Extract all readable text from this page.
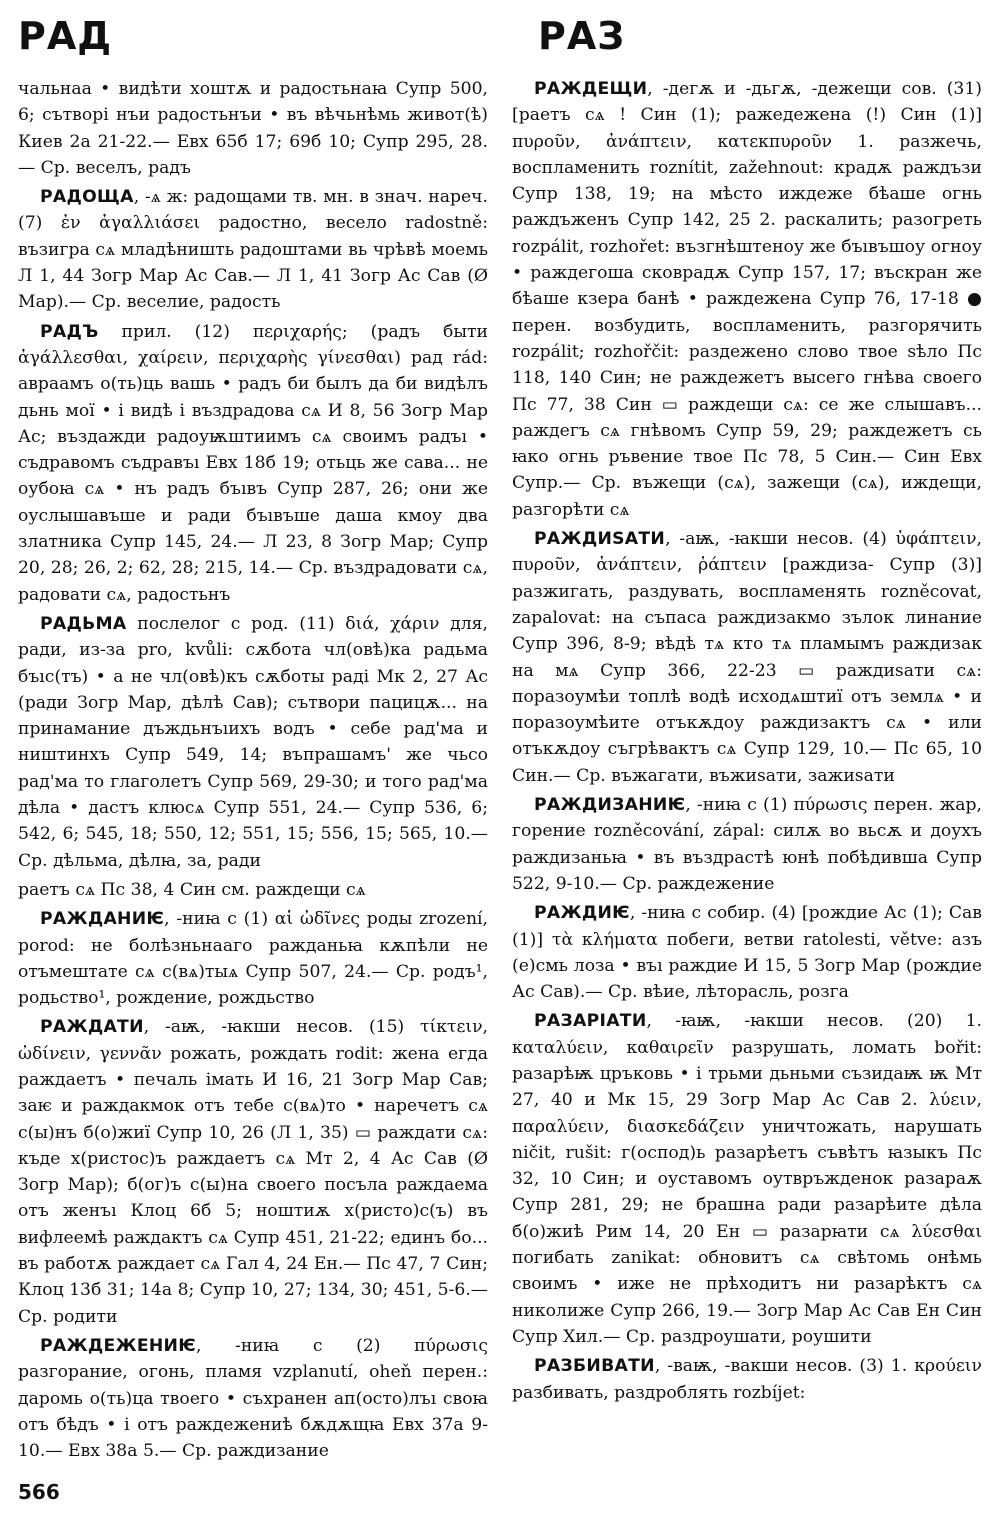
РАД	РАЗ

чальнаа • видѣти хоштѫ и радостьнаꙗ Супр 500, 6; сътворі нъи радостьнъи • въ вѣчьнѣмь живот(ѣ) Киев 2а 21-22.— Евх 65б 17; 69б 10; Супр 295, 28.— Ср. веселъ, радъ

РАДОЩА, -ѧ ж: радощами тв. мн. в знач. нареч. (7) ἐν ἀγαλλιάσει радостно, весело radostně: възигра сѧ младѣништь радоштами вь чрѣвѣ моемь Л 1, 44 Зогр Мар Ас Сав.— Л 1, 41 Зогр Ас Сав (Ø Мар).— Ср. веселие, радость

РАДЪ прил. (12) περιχαρής; (радъ быти ἀγάλλεσθαι, χαίρειν, περιχαρὴς γίνεσθαι) рад rád: авраамъ о(ть)ць вашь • радъ би былъ да би видѣлъ дьнь мої • і видѣ і въздрадова сѧ И 8, 56 Зогр Мар Ас; въздажди радоуѭштиимъ сѧ своимъ радъı • съдравомъ съдравъı Евх 18б 19; отьць же сава... не оубоꙗ сѧ • нъ радъ бъıвъ Супр 287, 26; они же оуслышавъше и ради бъıвъше даша кмоу два златника Супр 145, 24.— Л 23, 8 Зогр Мар; Супр 20, 28; 26, 2; 62, 28; 215, 14.— Ср. въздрадовати сѧ, радовати сѧ, радостьнъ

РАДЬМА послелог с род. (11) διά, χάριν для, ради, из-за pro, kvůli: сѫбота чл(овѣ)ка радьма бъıс(тъ) • а не чл(овѣ)къ сѫботы радi Мк 2, 27 Ас (ради Зогр Мар, дѣлѣ Сав); сътвори пацицѫ... на принаманиe дъждьнъıихъ водъ • себе рад'ма и ништинхъ Супр 549, 14; въпрашамъ' же чьсо рад'ма то глаголетъ Супр 569, 29-30; и того рад'ма дѣла • дастъ клюсѧ Супр 551, 24.— Супр 536, 6; 542, 6; 545, 18; 550, 12; 551, 15; 556, 15; 565, 10.— Ср. дѣльма, дѣлꙗ, за, ради

раетъ сѧ Пс 38, 4 Син см. раждещи сѧ

РАЖДАНИѤ, -ниꙗ с (1) αἱ ὠδῖνες роды zrození, porod: не болѣзньнааго ражданьꙗ кѫпѣли не отъмештате сѧ с(вѧ)тыѧ Супр 507, 24.— Ср. родъ¹, родьство¹, рождениe, рождьство

РАЖДАТИ, -аѭ, -ꙗкши несов. (15) τίκτειν, ὠδίνειν, γεννᾶν рожать, рождать rodit: жена егда раждаетъ • печаль імать И 16, 21 Зогр Мар Сав; заѥ и раждакмок отъ тебе с(вѧ)то • наречетъ сѧ с(ы)нъ б(о)жиї Супр 10, 26 (Л 1, 35) ▭ раждати сѧ: къде х(ристос)ъ раждаетъ сѧ Мт 2, 4 Ас Сав (Ø Зогр Мар); б(ог)ъ с(ы)на своего посъла раждаема отъ женъı Клоц 6б 5; ноштиѫ х(ристо)с(ъ) въ вифлеемѣ раждактъ сѧ Супр 451, 21-22; единъ бо... въ работѫ раждает сѧ Гал 4, 24 Ен.— Пс 47, 7 Син; Клоц 13б 31; 14а 8; Супр 10, 27; 134, 30; 451, 5-6.— Ср. родити

РАЖДЕЖЕНИѤ, -ниꙗ с (2) πύρωσις разгорание, огонь, пламя vzplanutí, oheň перен.: даромь о(ть)ца твоего • съхранен ап(осто)лъı своꙗ отъ бѣдъ • і отъ раждежениѣ бѫдѫщꙗ Евх 37а 9-10.— Евх 38а 5.— Ср. раждизаниe

РАЖДЕЩИ, -дегѫ и -дьгѫ, -дежещи сов. (31) [раетъ сѧ ! Син (1); ражедежена (!) Син (1)] πυροῦν, ἀνάπτειν, κατεκπυροῦν 1. разжечь, воспламенить roznítit, zažehnout: крадѫ раждъзи Супр 138, 19; на мѣсто иждеже бѣаше огнь раждъженъ Супр 142, 25 2. раскалить; разогреть rozpálit, rozhořet: възгнѣштеноу же бъıвъшоу огноу • раждегоша сковрадѫ Супр 157, 17; въскран же бѣаше кзера банѣ • раждежена Супр 76, 17-18 ● перен. возбудить, воспламенить, разгорячить rozpálit; rozhořčit: раздежено слово твое ѕѣло Пс 118, 140 Син; не раждежетъ высего гнѣва своего Пс 77, 38 Син ▭ раждещи сѧ: се же слышавъ... раждегъ сѧ гнѣвомъ Супр 59, 29; раждежетъ сь ꙗко огнь ръвение твое Пс 78, 5 Син.— Син Евх Супр.— Ср. въжещи (сѧ), зажещи (сѧ), иждещи, разгорѣти сѧ

РАЖДИЅАТИ, -аѭ, -ꙗкши несов. (4) ὑφάπτειν, πυροῦν, ἀνάπτειν, ῥάπτειν [раждиза- Супр (3)] разжигать, раздувать, воспламенять rozněcovat, zapalovat: на съпаса раждизакмо зълок линаниe Супр 396, 8-9; вѣдѣ тѧ кто тѧ пламымъ раждизак на мѧ Супр 366, 22-23 ▭ раждиѕати сѧ: поразоумѣи топлѣ водѣ исходѧштиї отъ землѧ • и поразоумѣите отъкѫдоу раждизактъ сѧ • или отъкѫдоу съгрѣвактъ сѧ Супр 129, 10.— Пс 65, 10 Син.— Ср. въжагати, въжиѕати, зажиѕати

РАЖДИЗАНИѤ, -ниꙗ с (1) πύρωσις перен. жар, горение rozněcování, zápal: силѫ во вьсѫ и доухъ раждизаньꙗ • въ въздрастѣ юнѣ побѣдивша Супр 522, 9-10.— Ср. раждежениe

РАЖДИѤ, -ниꙗ с собир. (4) [рождие Ас (1); Сав (1)] τὰ κλήματα побеги, ветви ratolesti, větve: азъ (е)смь лоза • въı раждие И 15, 5 Зогр Мар (рождие Ас Сав).— Ср. вѣиe, лѣторасль, розга

РАЗАРІАТИ, -ꙗѭ, -ꙗкши несов. (20) 1. καταλύειν, καθαιρεῖν разрушать, ломать bořit: разарѣѭ цръковь • і трьми дьньми съзидаѭ ѭ Мт 27, 40 и Мк 15, 29 Зогр Мар Ас Сав 2. λύειν, παραλύειν, διασκεδάζειν уничтожать, нарушать ničit, rušit: г(оспод)ь разарѣетъ съвѣтъ ꙗзыкъ Пс 32, 10 Син; и оуставомъ оутвръжденок разараѫ Супр 281, 29; не брашна ради разарѣите дѣла б(о)жиѣ Рим 14, 20 Ен ▭ разарꙗти сѧ λύεσθαι погибать zanikat: обновитъ сѧ свѣтомь онѣмь своимъ • иже не прѣходитъ ни разарѣктъ сѧ николиже Супр 266, 19.— Зогр Мар Ас Сав Ен Син Супр Хил.— Ср. раздроушати, роушити

РАЗБИВАТИ, -ваѭ, -вакши несов. (3) 1. κρούειν разбивать, раздроблять rozbíjet:

566
